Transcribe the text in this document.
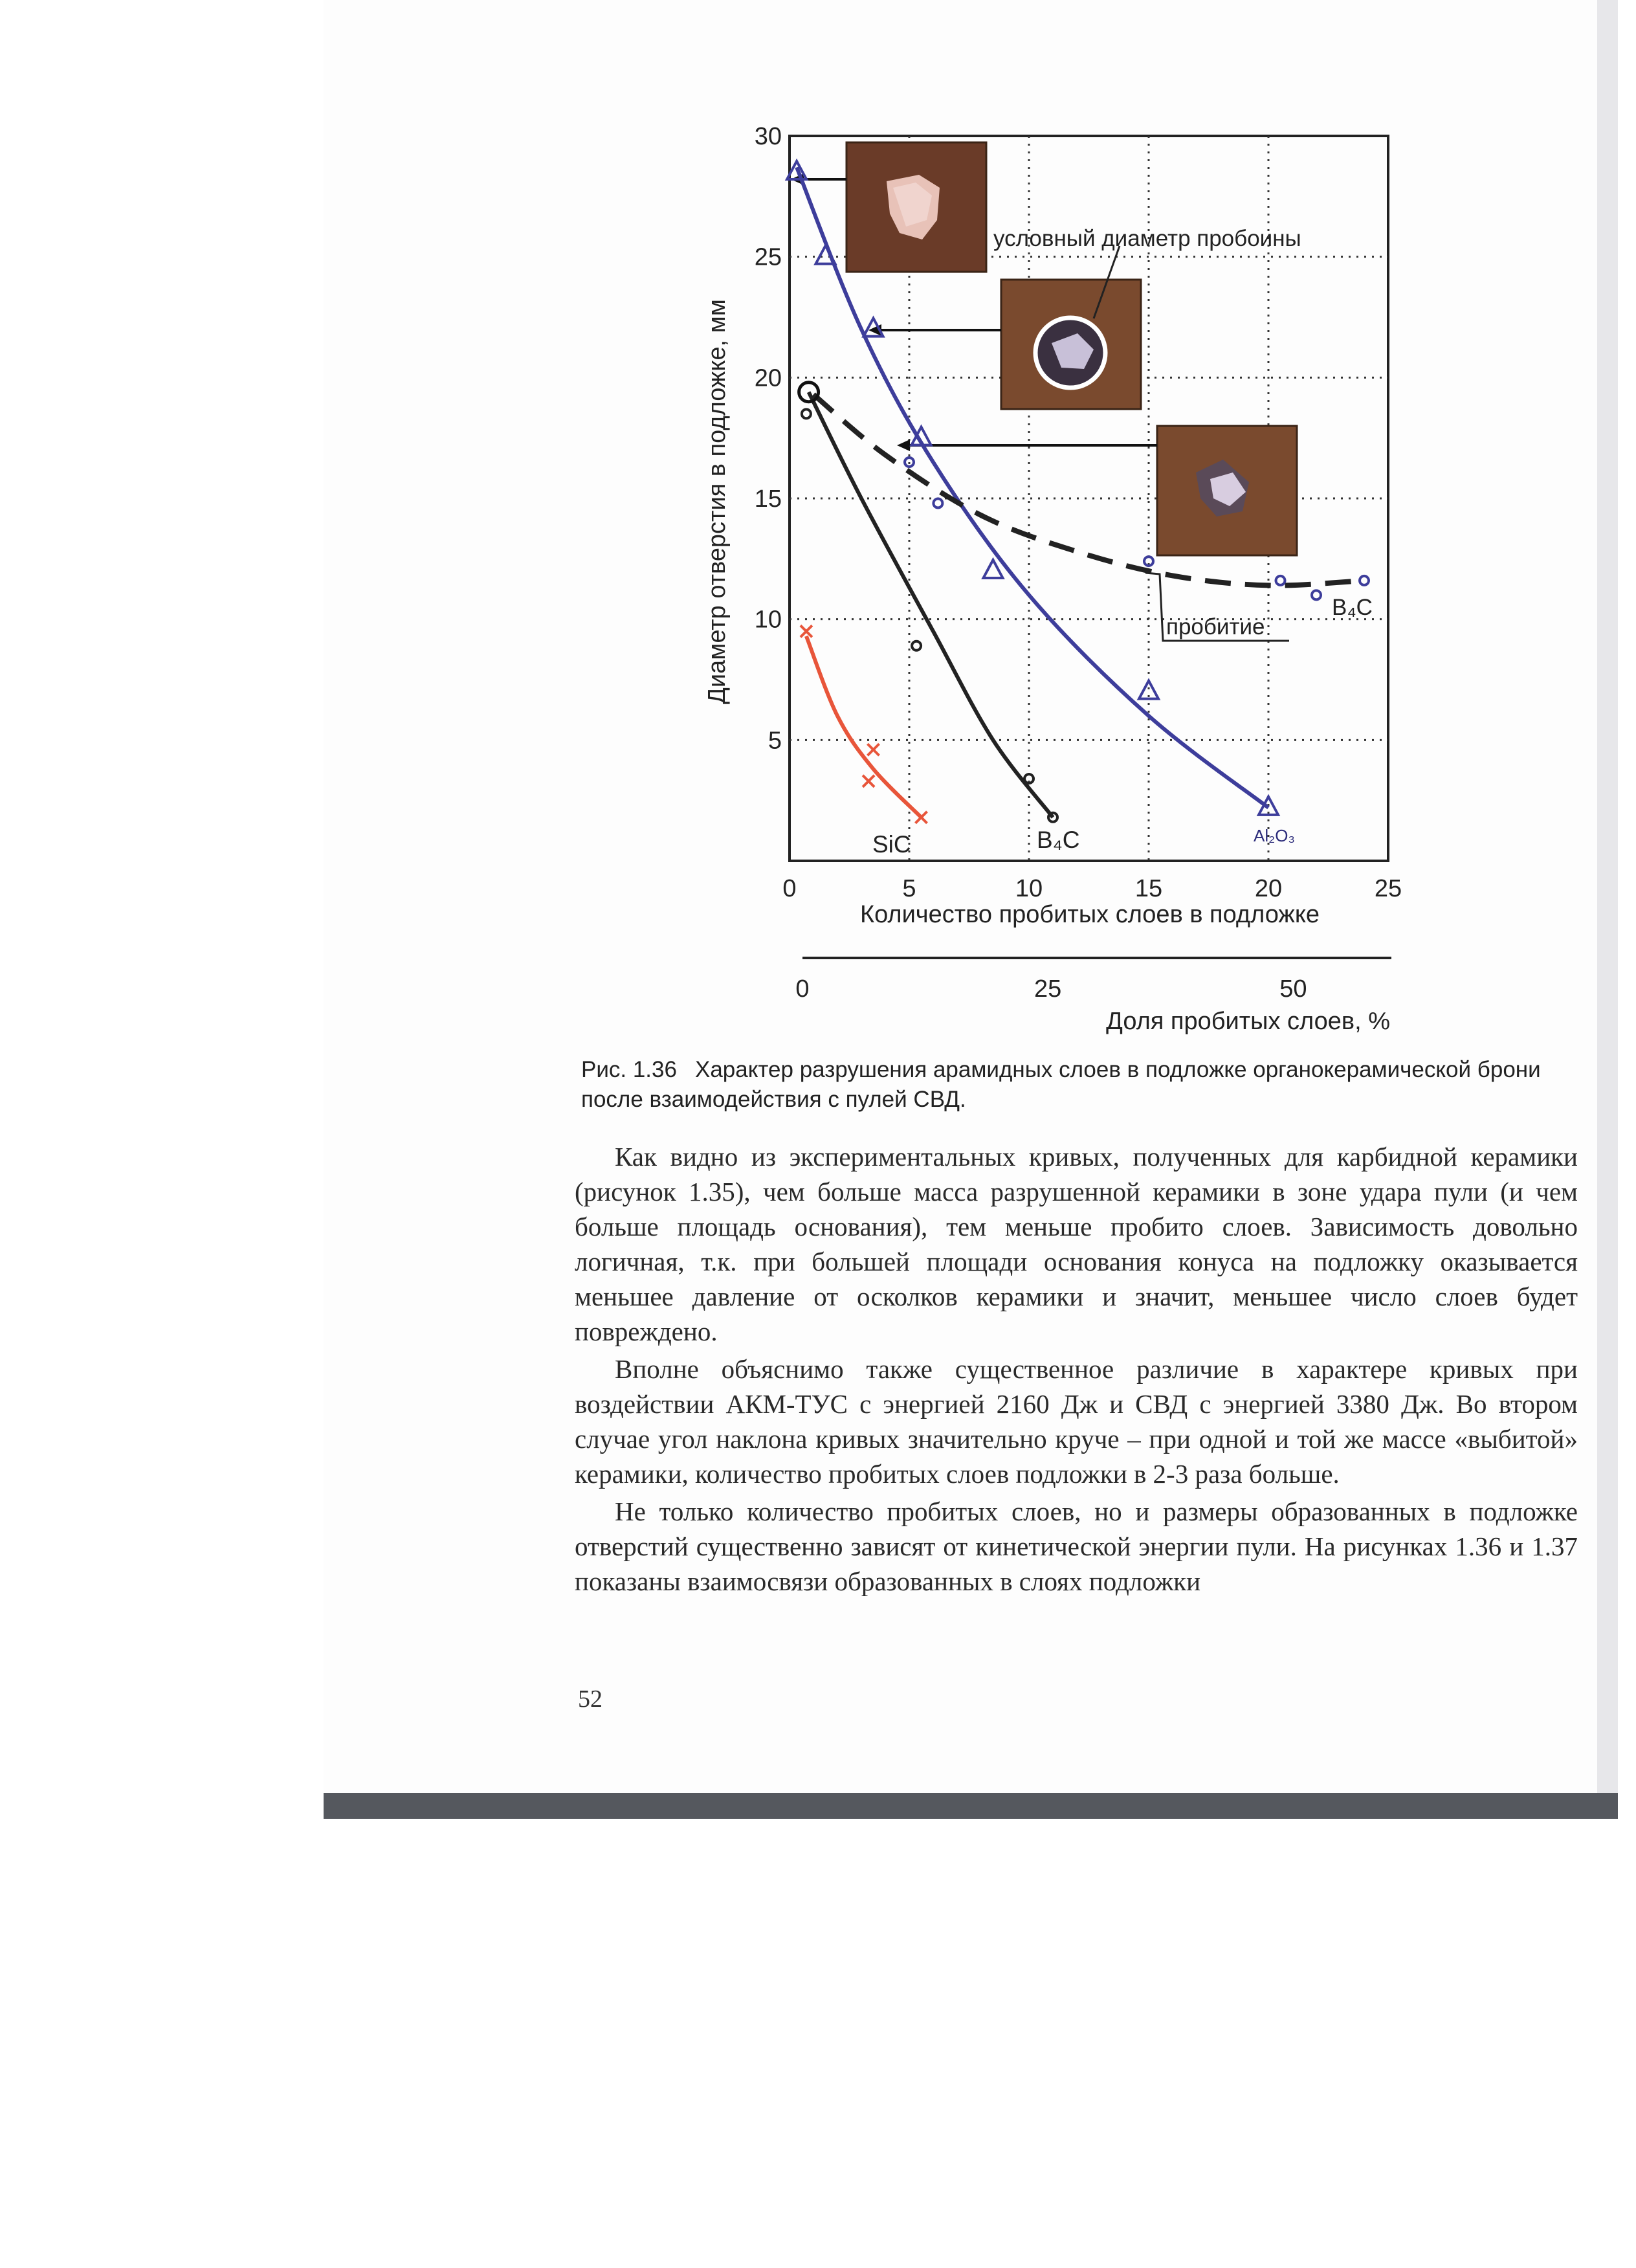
0	5	10	15	20	25
5
10
15
20
25
30
условный диаметр пробоины
пробитие
SiC	B₄C	Al₂O₃
B₄C
Диаметр отверстия в подложке, мм
Количество пробитых слоев в подложке
0	25	50
Доля пробитых слоев, %
Рис. 1.36 Характер разрушения арамидных слоев в подложке органокерамической брони после взаимодействия с пулей СВД.

Как видно из экспериментальных кривых, полученных для карбидной керамики (рисунок 1.35), чем больше масса разрушенной керамики в зоне удара пули (и чем больше площадь основания), тем меньше пробито слоев. Зависимость довольно логичная, т.к. при большей площади основания конуса на подложку оказывается меньшее давление от осколков керамики и значит, меньшее число слоев будет повреждено.

Вполне объяснимо также существенное различие в характере кривых при воздействии АКМ-ТУС с энергией 2160 Дж и СВД с энергией 3380 Дж. Во втором случае угол наклона кривых значительно круче – при одной и той же массе «выбитой» керамики, количество пробитых слоев подложки в 2-3 раза больше.

Не только количество пробитых слоев, но и размеры образованных в подложке отверстий существенно зависят от кинетической энергии пули. На рисунках 1.36 и 1.37 показаны взаимосвязи образованных в слоях подложки

52
